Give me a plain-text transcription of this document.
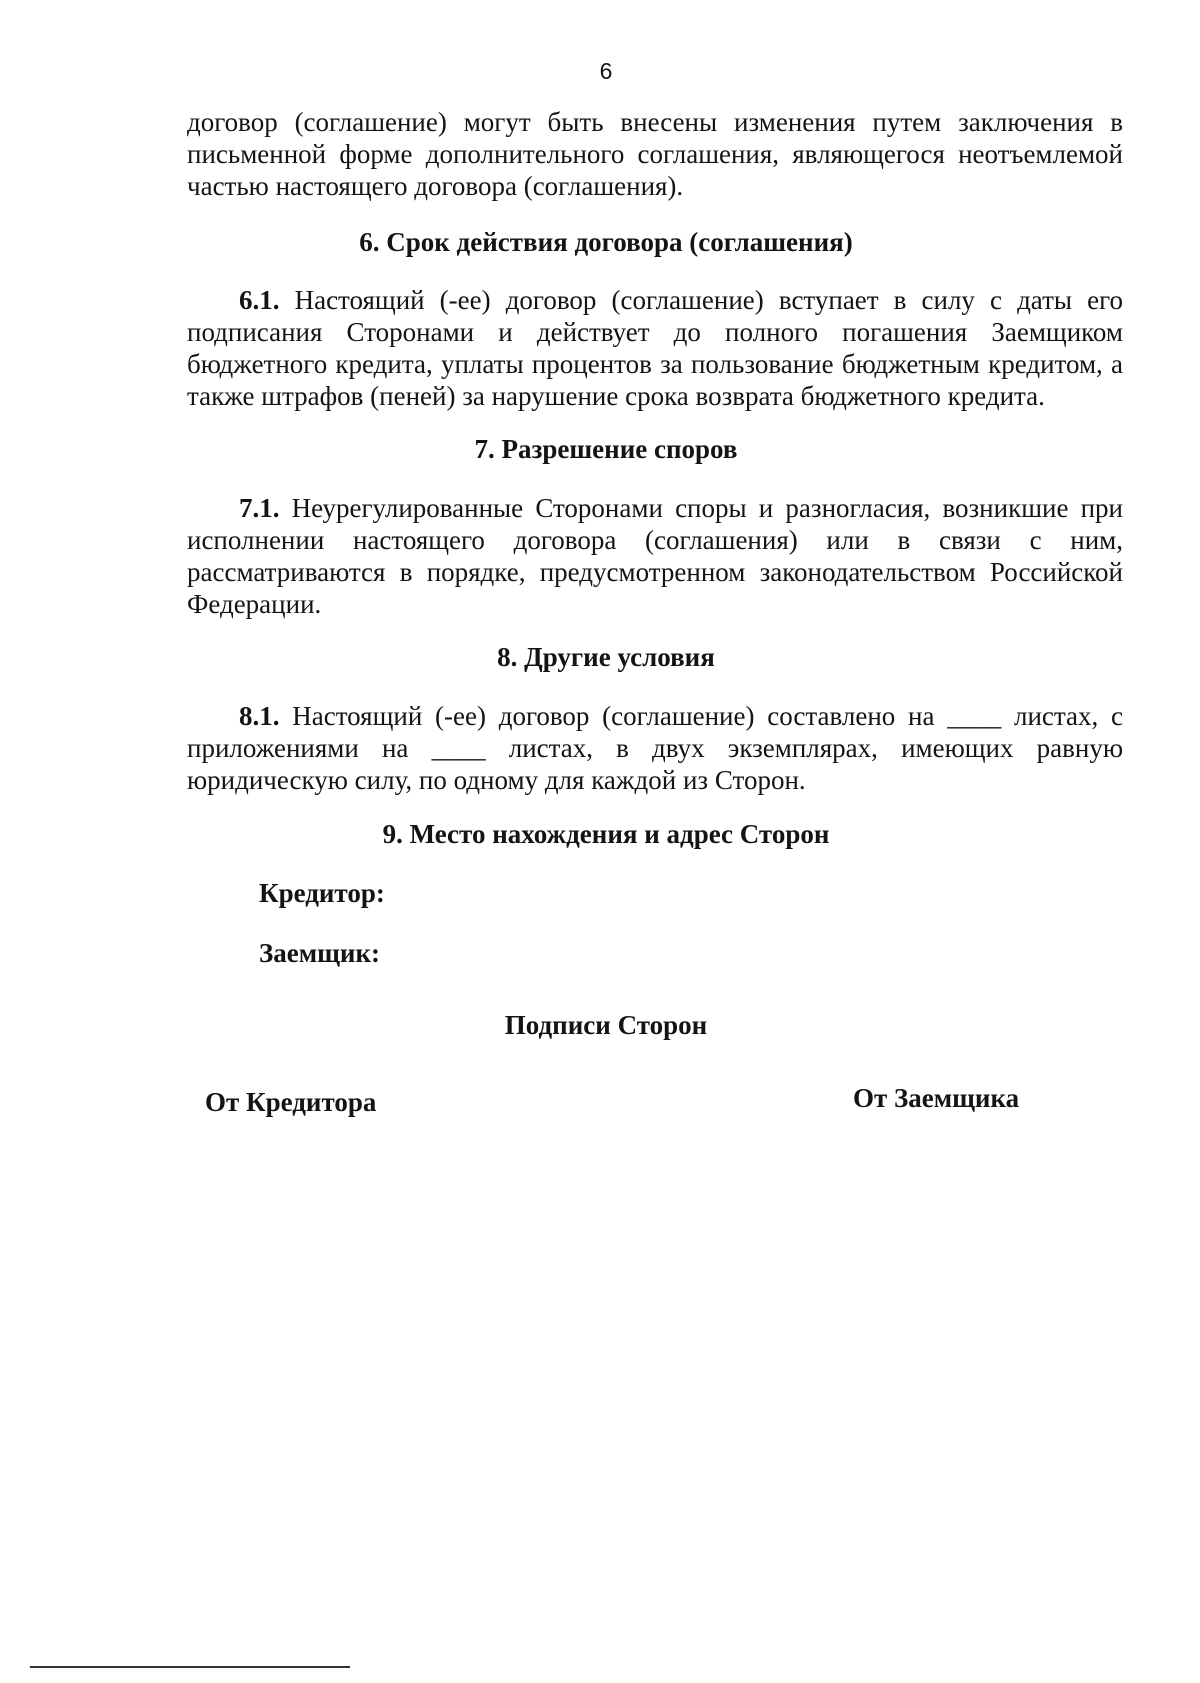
6
договор (соглашение) могут быть внесены изменения путем заключения в письменной форме дополнительного соглашения, являющегося неотъемлемой частью настоящего договора (соглашения).
6. Срок действия договора (соглашения)
6.1. Настоящий (-ее) договор (соглашение) вступает в силу с даты его подписания Сторонами и действует до полного погашения Заемщиком бюджетного кредита, уплаты процентов за пользование бюджетным кредитом, а также штрафов (пеней) за нарушение срока возврата бюджетного кредита.
7. Разрешение споров
7.1. Неурегулированные Сторонами споры и разногласия, возникшие при исполнении настоящего договора (соглашения) или в связи с ним, рассматриваются в порядке, предусмотренном законодательством Российской Федерации.
8. Другие условия
8.1. Настоящий (-ее) договор (соглашение) составлено на ____ листах, с приложениями на ____ листах, в двух экземплярах, имеющих равную юридическую силу, по одному для каждой из Сторон.
9. Место нахождения и адрес Сторон
Кредитор:
Заемщик:
Подписи Сторон
От Кредитора	От Заемщика
